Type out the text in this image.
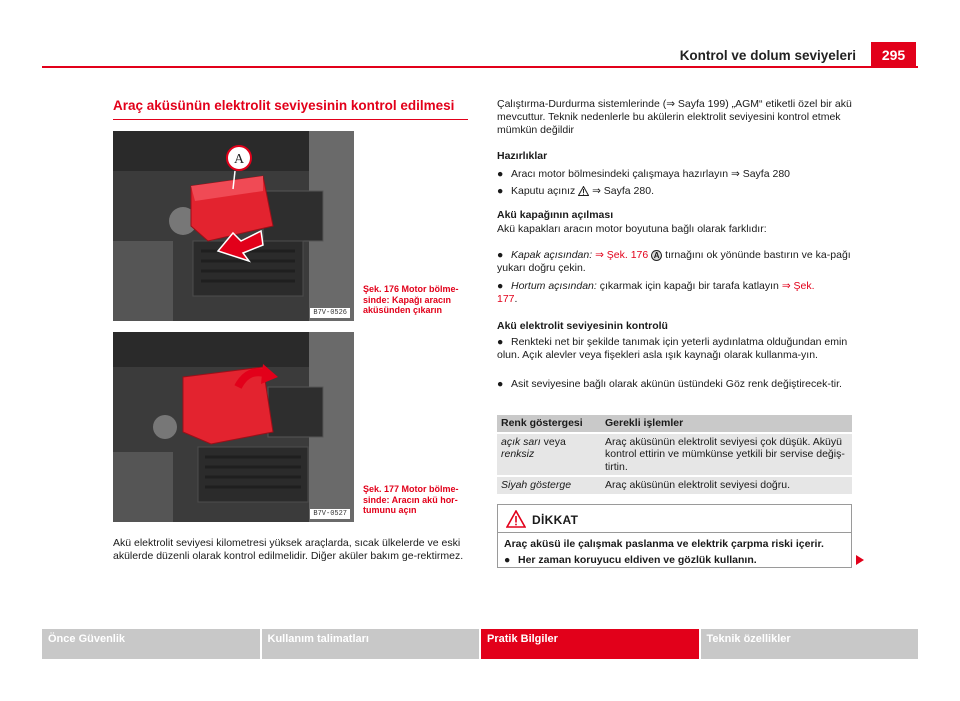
Kontrol ve dolum seviyeleri	295
Araç aküsünün elektrolit seviyesinin kontrol edilmesi
A
B7V-0526
Şek. 176 Motor bölme-sinde: Kapağı aracın aküsünden çıkarın
B7V-0527
Şek. 177 Motor bölme-sinde: Aracın akü hor-tumunu açın
Akü elektrolit seviyesi kilometresi yüksek araçlarda, sıcak ülkelerde ve eski akülerde düzenli olarak kontrol edilmelidir. Diğer aküler bakım ge-rektirmez.
Çalıştırma-Durdurma sistemlerinde (⇒ Sayfa 199) „AGM“ etiketli özel bir akü mevcuttur. Teknik nedenlerle bu akülerin elektrolit seviyesini kontrol etmek mümkün değildir
Hazırlıklar
● Aracı motor bölmesindeki çalışmaya hazırlayın ⇒ Sayfa 280
● Kaputu açınız ⇒ Sayfa 280.
Akü kapağının açılması
Akü kapakları aracın motor boyutuna bağlı olarak farklıdır:
● Kapak açısından: ⇒ Şek. 176 A tırnağını ok yönünde bastırın ve ka-pağı yukarı doğru çekin.
● Hortum açısından: çıkarmak için kapağı bir tarafa katlayın ⇒ Şek.
177.
Akü elektrolit seviyesinin kontrolü
● Renkteki net bir şekilde tanımak için yeterli aydınlatma olduğundan emin olun. Açık alevler veya fişekleri asla ışık kaynağı olarak kullanma-yın.
● Asit seviyesine bağlı olarak akünün üstündeki Göz renk değiştirecek-tir.
Renk göstergesi	Gerekli işlemler
açık sarı veya
renksiz	Araç aküsünün elektrolit seviyesi çok düşük. Aküyü kontrol ettirin ve mümkünse yetkili bir servise değiş-tirtin.
Siyah gösterge	Araç aküsünün elektrolit seviyesi doğru.
DİKKAT
Araç aküsü ile çalışmak paslanma ve elektrik çarpma riski içerir.
● Her zaman koruyucu eldiven ve gözlük kullanın.
Önce Güvenlik	Kullanım talimatları	Pratik Bilgiler	Teknik özellikler
